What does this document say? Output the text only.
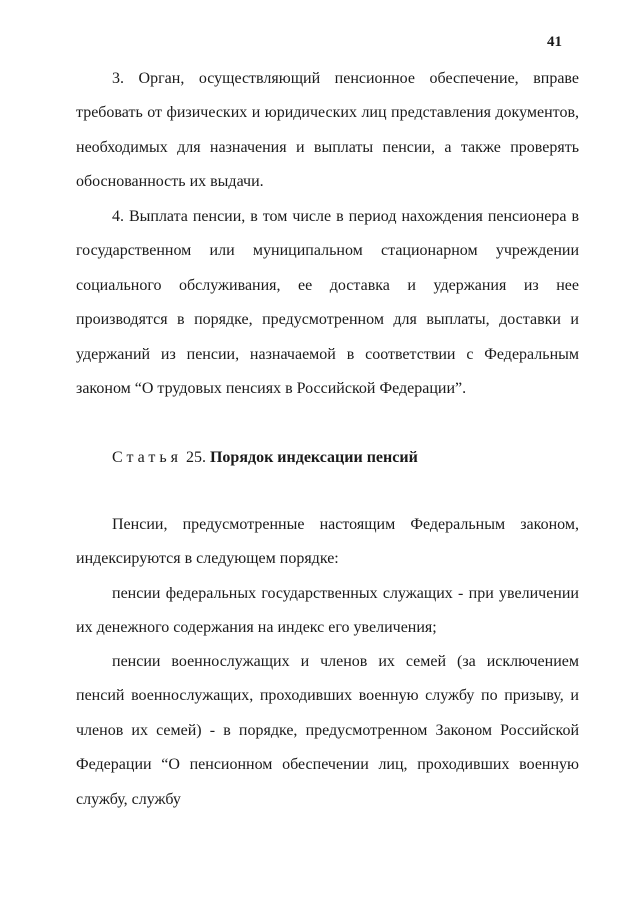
41

3. Орган, осуществляющий пенсионное обеспечение, вправе требовать от физических и юридических лиц представления документов, необходимых для назначения и выплаты пенсии, а также проверять обоснованность их выдачи.

4. Выплата пенсии, в том числе в период нахождения пенсионера в государственном или муниципальном стационарном учреждении социального обслуживания, ее доставка и удержания из нее производятся в порядке, предусмотренном для выплаты, доставки и удержаний из пенсии, назначаемой в соответствии с Федеральным законом “О трудовых пенсиях в Российской Федерации”.

Статья 25. Порядок индексации пенсий

Пенсии, предусмотренные настоящим Федеральным законом, индексируются в следующем порядке:

пенсии федеральных государственных служащих - при увеличении их денежного содержания на индекс его увеличения;

пенсии военнослужащих и членов их семей (за исключением пенсий военнослужащих, проходивших военную службу по призыву, и членов их семей) - в порядке, предусмотренном Законом Российской Федерации “О пенсионном обеспечении лиц, проходивших военную службу, службу
